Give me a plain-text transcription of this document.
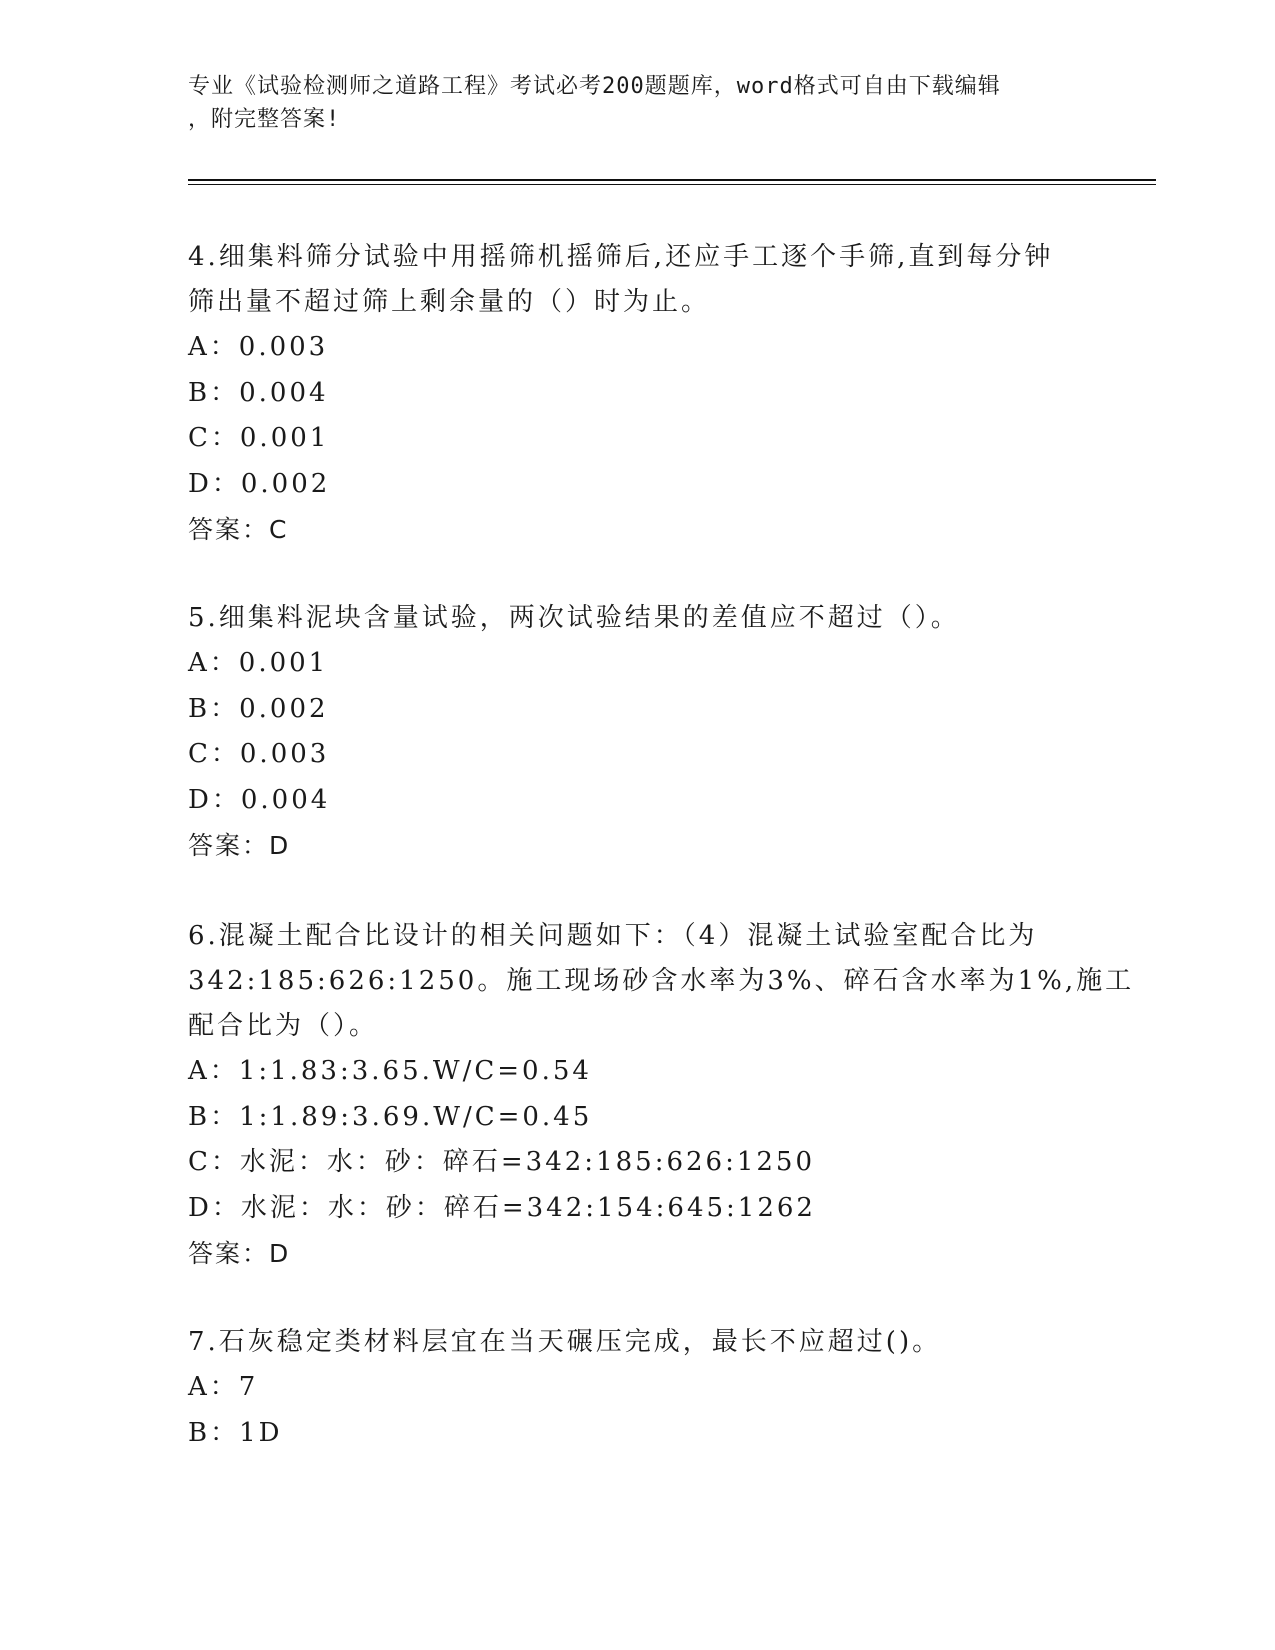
专业《试验检测师之道路工程》考试必考200题题库，word格式可自由下载编辑
，附完整答案!
4.细集料筛分试验中用摇筛机摇筛后,还应手工逐个手筛,直到每分钟
筛出量不超过筛上剩余量的（）时为止。
A：0.003
B：0.004
C：0.001
D：0.002
答案：C
5.细集料泥块含量试验，两次试验结果的差值应不超过（）。
A：0.001
B：0.002
C：0.003
D：0.004
答案：D
6.混凝土配合比设计的相关问题如下：（4）混凝土试验室配合比为
342:185:626:1250。施工现场砂含水率为3%、碎石含水率为1%,施工
配合比为（）。
A：1:1.83:3.65.W/C=0.54
B：1:1.89:3.69.W/C=0.45
C：水泥：水：砂：碎石=342:185:626:1250
D：水泥：水：砂：碎石=342:154:645:1262
答案：D
7.石灰稳定类材料层宜在当天碾压完成，最长不应超过()。
A：7
B：1D
